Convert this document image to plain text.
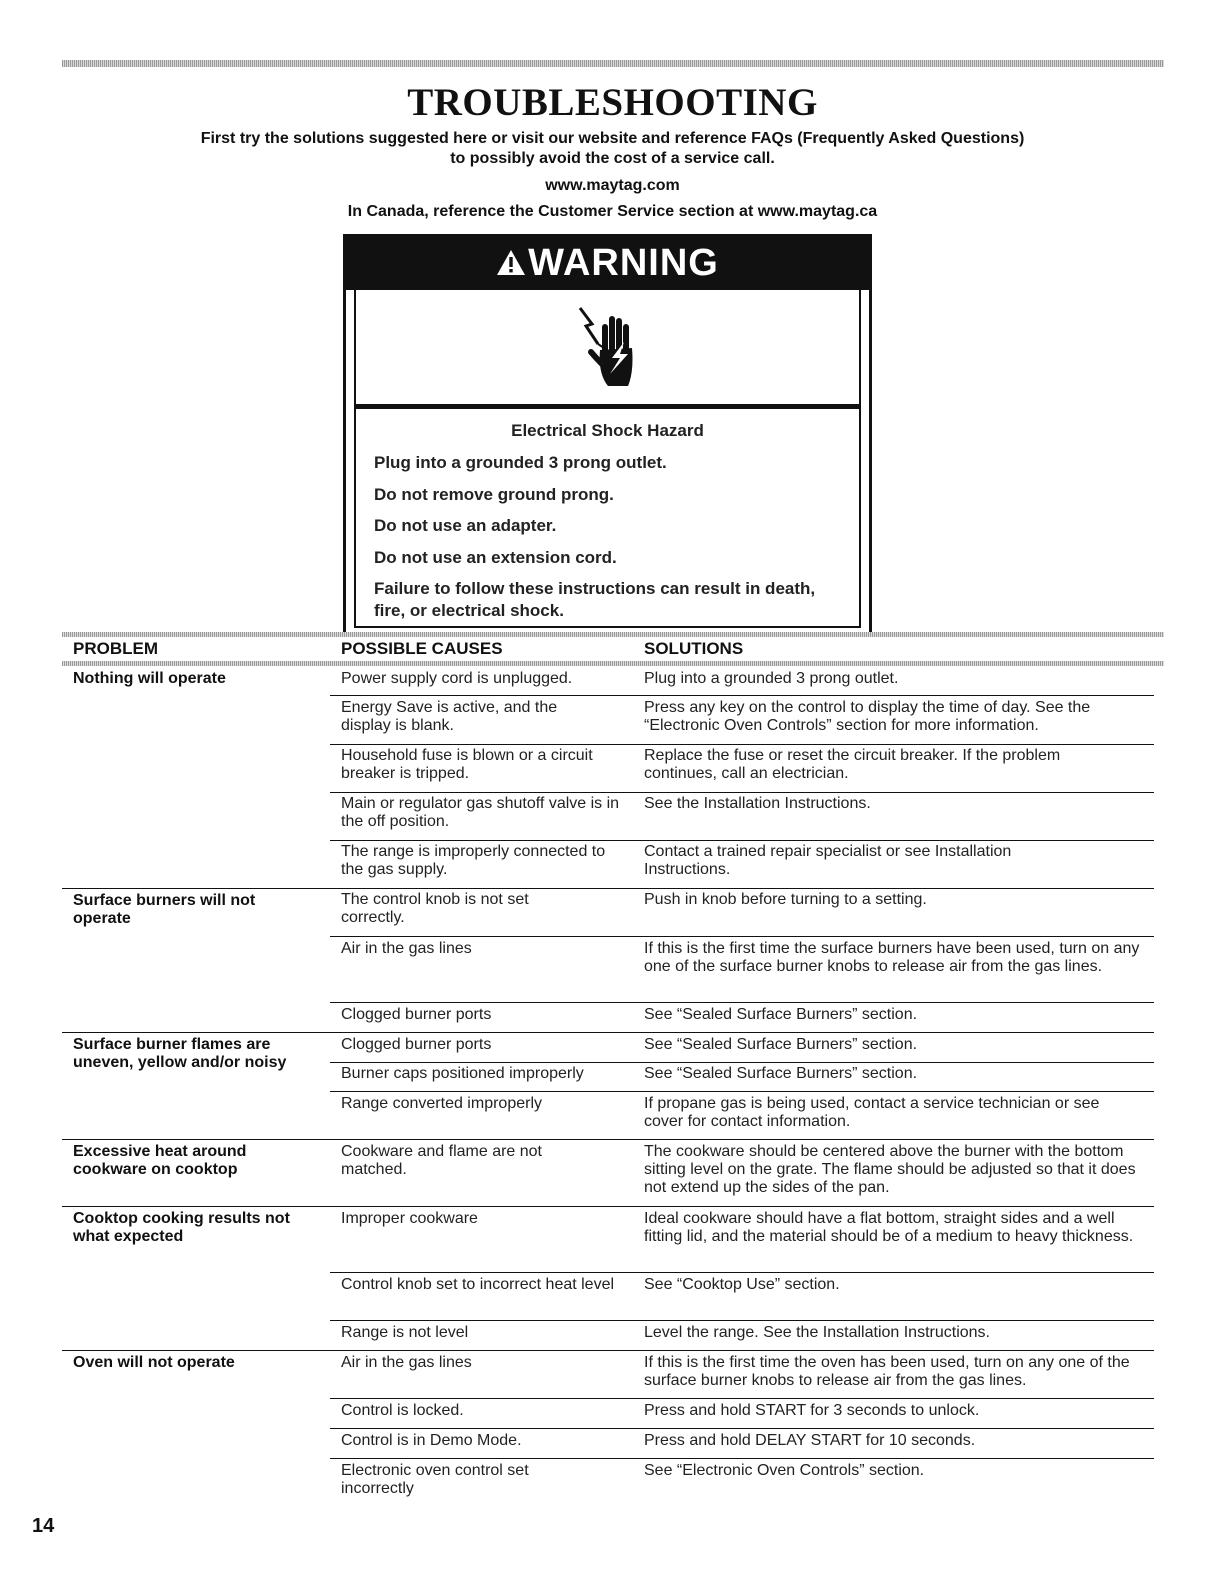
TROUBLESHOOTING
First try the solutions suggested here or visit our website and reference FAQs (Frequently Asked Questions)
to possibly avoid the cost of a service call.
www.maytag.com
In Canada, reference the Customer Service section at www.maytag.ca
WARNING
Electrical Shock Hazard
Plug into a grounded 3 prong outlet.
Do not remove ground prong.
Do not use an adapter.
Do not use an extension cord.
Failure to follow these instructions can result in death,
fire, or electrical shock.
PROBLEM	POSSIBLE CAUSES	SOLUTIONS
Nothing will operate
Surface burners will not operate
Surface burner flames are uneven, yellow and/or noisy
Excessive heat around cookware on cooktop
Cooktop cooking results not what expected
Oven will not operate
Power supply cord is unplugged.
Energy Save is active, and the display is blank.
Household fuse is blown or a circuit breaker is tripped.
Main or regulator gas shutoff valve is in the off position.
The range is improperly connected to the gas supply.
The control knob is not set correctly.
Air in the gas lines
Clogged burner ports
Clogged burner ports
Burner caps positioned improperly
Range converted improperly
Cookware and flame are not matched.
Improper cookware
Control knob set to incorrect heat level
Range is not level
Air in the gas lines
Control is locked.
Control is in Demo Mode.
Electronic oven control set incorrectly
Plug into a grounded 3 prong outlet.
Press any key on the control to display the time of day. See the “Electronic Oven Controls” section for more information.
Replace the fuse or reset the circuit breaker. If the problem continues, call an electrician.
See the Installation Instructions.
Contact a trained repair specialist or see Installation Instructions.
Push in knob before turning to a setting.
If this is the first time the surface burners have been used, turn on any one of the surface burner knobs to release air from the gas lines.
See “Sealed Surface Burners” section.
See “Sealed Surface Burners” section.
See “Sealed Surface Burners” section.
If propane gas is being used, contact a service technician or see cover for contact information.
The cookware should be centered above the burner with the bottom sitting level on the grate. The flame should be adjusted so that it does not extend up the sides of the pan.
Ideal cookware should have a flat bottom, straight sides and a well fitting lid, and the material should be of a medium to heavy thickness.
See “Cooktop Use” section.
Level the range. See the Installation Instructions.
If this is the first time the oven has been used, turn on any one of the surface burner knobs to release air from the gas lines.
Press and hold START for 3 seconds to unlock.
Press and hold DELAY START for 10 seconds.
See “Electronic Oven Controls” section.
14
